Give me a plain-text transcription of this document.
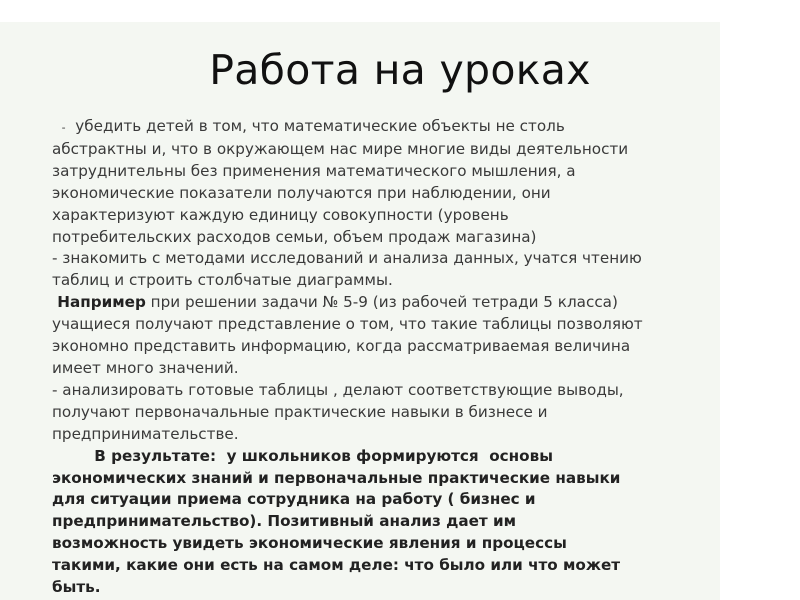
Работа на уроках
-  убедить детей в том, что математические объекты не столь
абстрактны и, что в окружающем нас мире многие виды деятельности
затруднительны без применения математического мышления, а
экономические показатели получаются при наблюдении, они
характеризуют каждую единицу совокупности (уровень
потребительских расходов семьи, объем продаж магазина)
- знакомить с методами исследований и анализа данных, учатся чтению
таблиц и строить столбчатые диаграммы.
Например при решении задачи № 5-9 (из рабочей тетради 5 класса)
учащиеся получают представление о том, что такие таблицы позволяют
экономно представить информацию, когда рассматриваемая величина
имеет много значений.
- анализировать готовые таблицы , делают соответствующие выводы,
получают первоначальные практические навыки в бизнесе и
предпринимательстве.
В результате:  у школьников формируются  основы
экономических знаний и первоначальные практические навыки
для ситуации приема сотрудника на работу ( бизнес и
предпринимательство). Позитивный анализ дает им
возможность увидеть экономические явления и процессы
такими, какие они есть на самом деле: что было или что может
быть.
